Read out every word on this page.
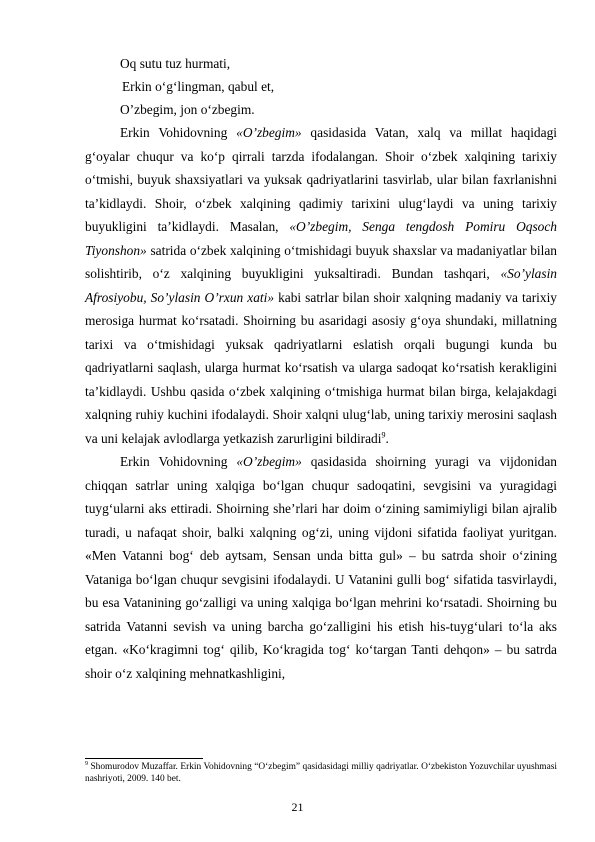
Oq sutu tuz hurmati,
Erkin o‘g‘lingman, qabul et,
O’zbegim, jon o‘zbegim.

Erkin Vohidovning «O’zbegim» qasidasida Vatan, xalq va millat haqidagi g‘oyalar chuqur va ko‘p qirrali tarzda ifodalangan. Shoir o‘zbek xalqining tarixiy o‘tmishi, buyuk shaxsiyatlari va yuksak qadriyatlarini tasvirlab, ular bilan faxrlanishni ta’kidlaydi. Shoir, o‘zbek xalqining qadimiy tarixini ulug‘laydi va uning tarixiy buyukligini ta’kidlaydi. Masalan, «O’zbegim, Senga tengdosh Pomiru Oqsoch Tiyonshon» satrida o‘zbek xalqining o‘tmishidagi buyuk shaxslar va madaniyatlar bilan solishtirib, o‘z xalqining buyukligini yuksaltiradi. Bundan tashqari, «So’ylasin Afrosiyobu, So’ylasin O’rxun xati» kabi satrlar bilan shoir xalqning madaniy va tarixiy merosiga hurmat ko‘rsatadi. Shoirning bu asaridagi asosiy g‘oya shundaki, millatning tarixi va o‘tmishidagi yuksak qadriyatlarni eslatish orqali bugungi kunda bu qadriyatlarni saqlash, ularga hurmat ko‘rsatish va ularga sadoqat ko‘rsatish kerakligini ta’kidlaydi. Ushbu qasida o‘zbek xalqining o‘tmishiga hurmat bilan birga, kelajakdagi xalqning ruhiy kuchini ifodalaydi. Shoir xalqni ulug‘lab, uning tarixiy merosini saqlash va uni kelajak avlodlarga yetkazish zarurligini bildiradi$^9$.

Erkin Vohidovning «O’zbegim» qasidasida shoirning yuragi va vijdonidan chiqqan satrlar uning xalqiga bo‘lgan chuqur sadoqatini, sevgisini va yuragidagi tuyg‘ularni aks ettiradi. Shoirning she’rlari har doim o‘zining samimiyligi bilan ajralib turadi, u nafaqat shoir, balki xalqning og‘zi, uning vijdoni sifatida faoliyat yuritgan. «Men Vatanni bog‘ deb aytsam, Sensan unda bitta gul» – bu satrda shoir o‘zining Vataniga bo‘lgan chuqur sevgisini ifodalaydi. U Vatanini gulli bog‘ sifatida tasvirlaydi, bu esa Vatanining go‘zalligi va uning xalqiga bo‘lgan mehrini ko‘rsatadi. Shoirning bu satrida Vatanni sevish va uning barcha go‘zalligini his etish his-tuyg‘ulari to‘la aks etgan. «Ko‘kragimni tog‘ qilib, Ko‘kragida tog‘ ko‘targan Tanti dehqon» – bu satrda shoir o‘z xalqining mehnatkashligini,

$^9$ Shomurodov Muzaffar. Erkin Vohidovning “O‘zbegim” qasidasidagi milliy qadriyatlar. O‘zbekiston Yozuvchilar uyushmasi nashriyoti, 2009. 140 bet.
21
